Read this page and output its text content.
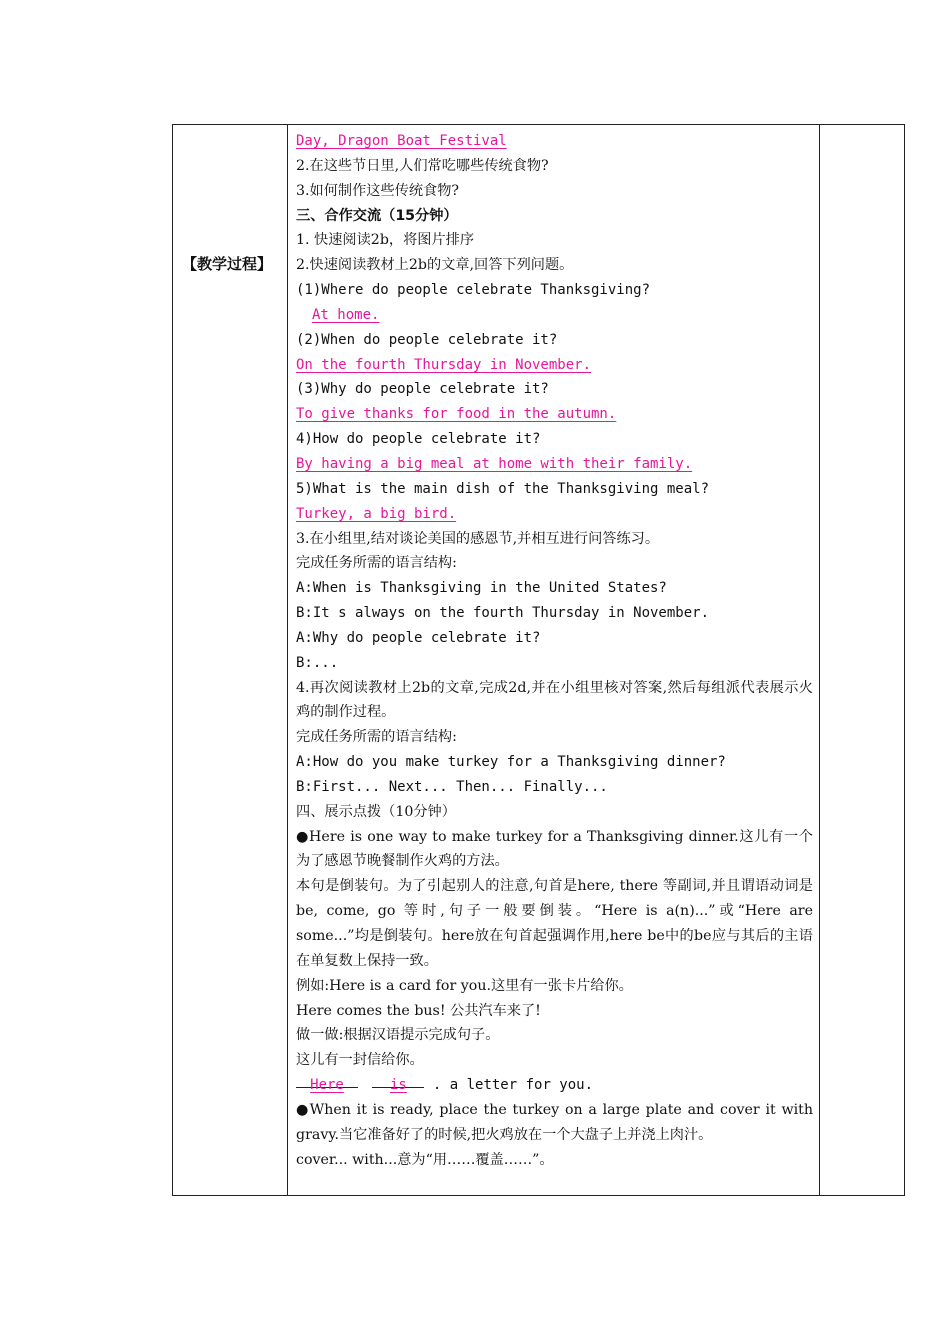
【教学过程】

Day, Dragon Boat Festival
2.在这些节日里,人们常吃哪些传统食物?
3.如何制作这些传统食物?
三、合作交流（15分钟）
1. 快速阅读2b，将图片排序
2.快速阅读教材上2b的文章,回答下列问题。
(1)Where do people celebrate Thanksgiving?
At home.
(2)When do people celebrate it?
On the fourth Thursday in November.
(3)Why do people celebrate it?
To give thanks for food in the autumn.
4)How do people celebrate it?
By having a big meal at home with their family.
5)What is the main dish of the Thanksgiving meal?
Turkey, a big bird.
3.在小组里,结对谈论美国的感恩节,并相互进行问答练习。
完成任务所需的语言结构:
A:When is Thanksgiving in the United States?
B:It s always on the fourth Thursday in November.
A:Why do people celebrate it?
B:...
4.再次阅读教材上2b的文章,完成2d,并在小组里核对答案,然后每组派代表展示火鸡的制作过程。
完成任务所需的语言结构:
A:How do you make turkey for a Thanksgiving dinner?
B:First... Next... Then... Finally...
四、展示点拨（10分钟）
●Here is one way to make turkey for a Thanksgiving dinner.这儿有一个为了感恩节晚餐制作火鸡的方法。
本句是倒装句。为了引起别人的注意,句首是here, there 等副词,并且谓语动词是be, come, go 等时,句子一般要倒装。“Here is a(n)...”或“Here are some...”均是倒装句。here放在句首起强调作用,here be中的be应与其后的主语在单复数上保持一致。
例如:Here is a card for you.这里有一张卡片给你。
Here comes the bus! 公共汽车来了!
做一做:根据汉语提示完成句子。
这儿有一封信给你。
Here	is . a letter for you.
●When it is ready, place the turkey on a large plate and cover it with gravy.当它准备好了的时候,把火鸡放在一个大盘子上并浇上肉汁。
cover... with...意为“用……覆盖……”。
